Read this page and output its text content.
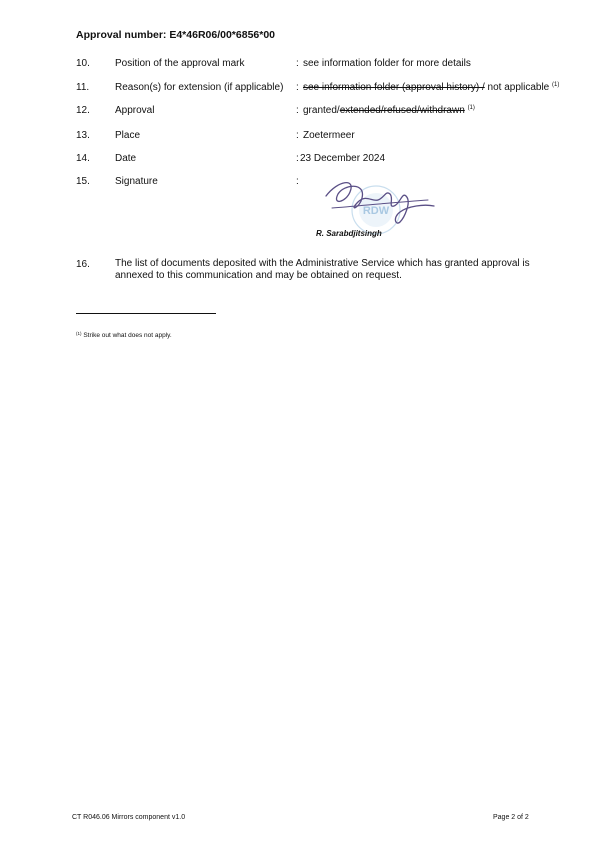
Approval number: E4*46R06/00*6856*00
10.	Position of the approval mark	: see information folder for more details
11.	Reason(s) for extension (if applicable) : see information folder (approval history) / not applicable $^{(1)}$
12.	Approval	: granted/extended/refused/withdrawn $^{(1)}$
13.	Place	: Zoetermeer
14.	Date	: 23 December 2024
15.	Signature	:
RDW
R. Sarabdjitsingh
16.	The list of documents deposited with the Administrative Service which has granted approval is annexed to this communication and may be obtained on request.
$^{(1)}$ Strike out what does not apply.
CT R046.06 Mirrors component v1.0	Page 2 of 2
